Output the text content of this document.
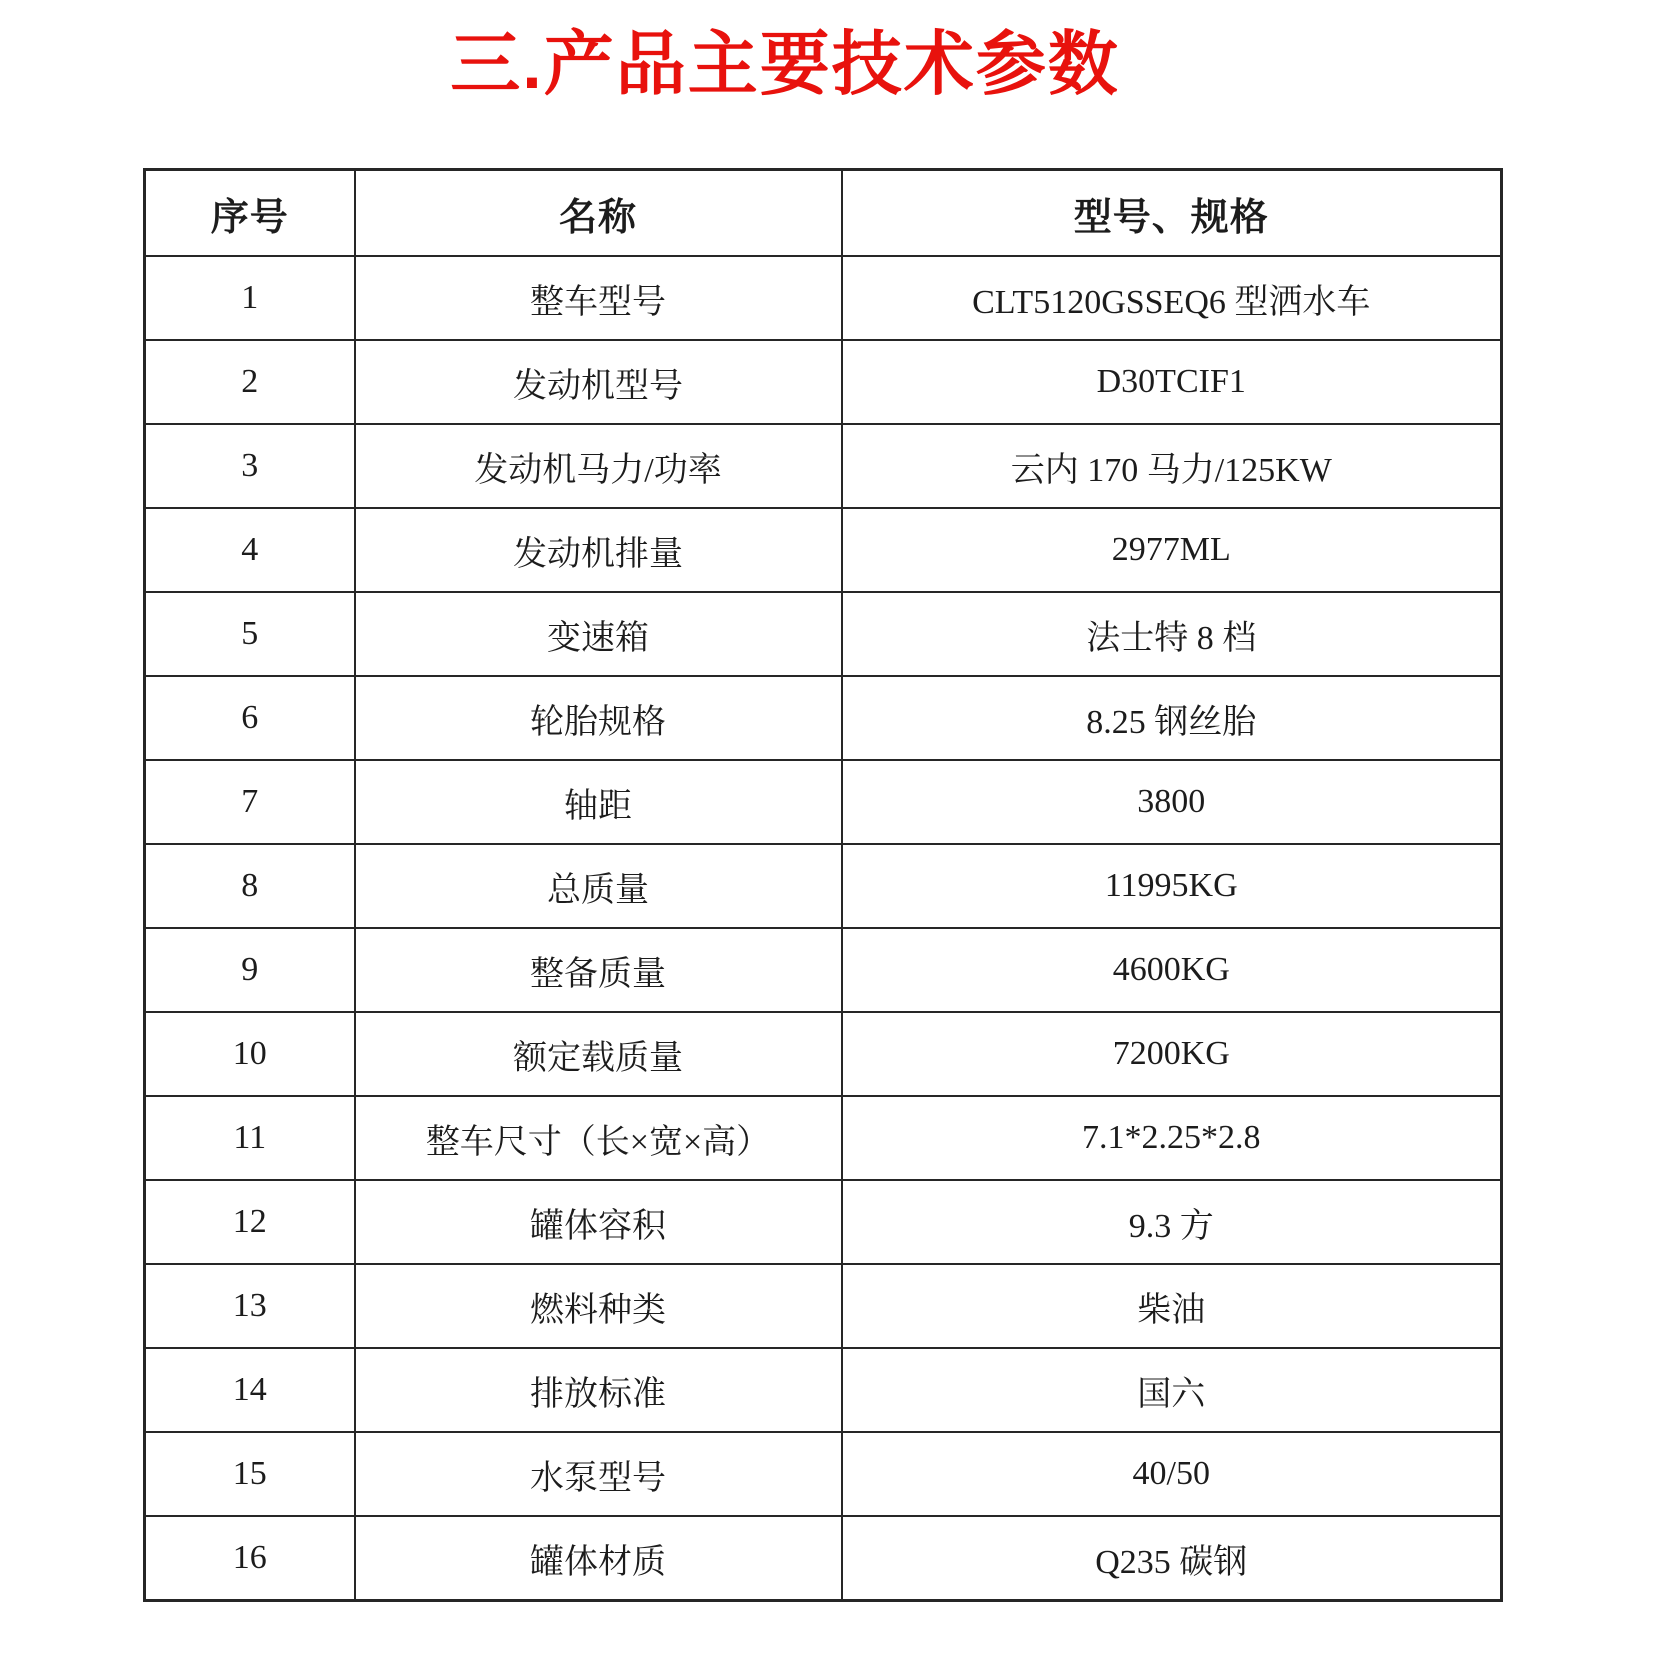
三.产品主要技术参数
序号	名称	型号、规格
1	整车型号	CLT5120GSSEQ6 型洒水车
2	发动机型号	D30TCIF1
3	发动机马力/功率	云内 170 马力/125KW
4	发动机排量	2977ML
5	变速箱	法士特 8 档
6	轮胎规格	8.25 钢丝胎
7	轴距	3800
8	总质量	11995KG
9	整备质量	4600KG
10	额定载质量	7200KG
11	整车尺寸（长×宽×高）	7.1*2.25*2.8
12	罐体容积	9.3 方
13	燃料种类	柴油
14	排放标准	国六
15	水泵型号	40/50
16	罐体材质	Q235 碳钢
